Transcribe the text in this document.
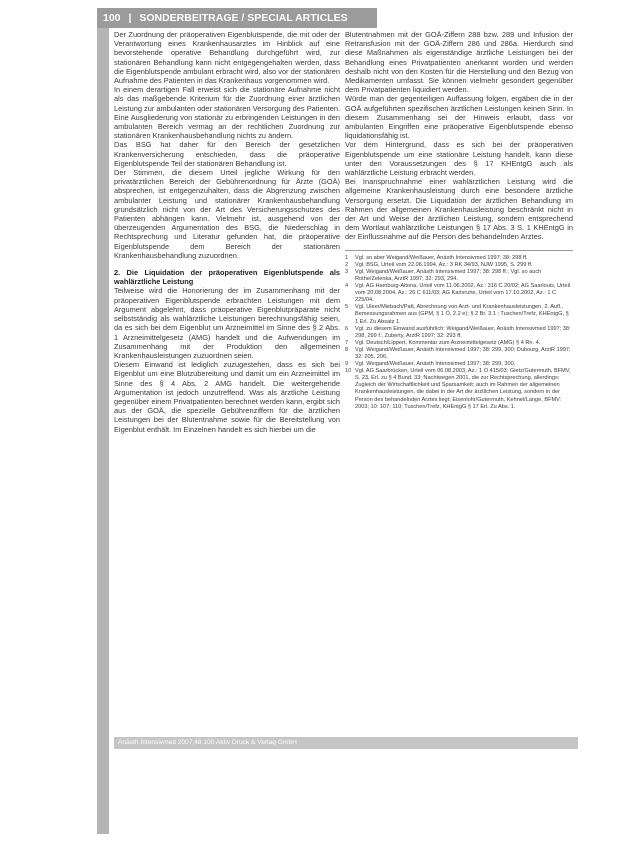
100 | SONDERBEITRAGE / SPECIAL ARTICLES

Der Zuordnung der präoperativen Eigenblutspende, die mit oder der Verantwortung eines Krankenhausarztes im Hinblick auf eine bevorstehende operative Behandlung durchgeführt wird, zur stationären Behandlung kann nicht entgegengehalten werden, dass die Eigenblutspende ambulant erbracht wird, also vor der stationären Aufnahme des Patienten in das Krankenhaus vorgenommen wird.

In einem derartigen Fall erweist sich die stationäre Aufnahme nicht als das maßgebende Kriterium für die Zuordnung einer ärztlichen Leistung zur ambulanten oder stationären Versorgung des Patienten. Eine Ausgliederung von stationär zu erbringenden Leistungen in den ambulanten Bereich vermag an der rechtlichen Zuordnung zur stationären Krankenhausbehandlung nichts zu ändern.

Das BSG hat daher für den Bereich der gesetzlichen Krankenversicherung entschieden, dass die präoperative Eigenblutspende Teil der stationären Behandlung ist.

Der Stimmen, die diesem Urteil jegliche Wirkung für den privatärztlichen Bereich der Gebührenordnung für Ärzte (GOÄ) absprechen, ist entgegenzuhalten, dass die Abgrenzung zwischen ambulanter Leistung und stationärer Krankenhausbehandlung grundsätzlich nicht von der Art des Versicherungsschutzes des Patienten abhängen kann. Vielmehr ist, ausgehend von der überzeugenden Argumentation des BSG, die Niederschlag in Rechtsprechung und Literatur gefunden hat, die präoperative Eigenblutspende dem Bereich der stationären Krankenhausbehandlung zuzuordnen.

2. Die Liquidation der präoperativen Eigenblutspende als wahlärztliche Leistung

Teilweise wird die Honorierung der im Zusammenhang mit der präoperativen Eigenblutspende erbrachten Leistungen mit dem Argument abgelehnt, dass präoperative Eigenblutpräparate nicht selbstständig als wahlärztliche Leistungen berechnungsfähig seien, da es sich bei dem Eigenblut um Arzneimittel im Sinne des § 2 Abs. 1 Arzneimittelgesetz (AMG) handelt und die Aufwendungen im Zusammenhang mit der Produktion den allgemeinen Krankenhausleistungen zuzuordnen seien.

Diesem Einwand ist lediglich zuzugestehen, dass es sich bei Eigenblut um eine Blutzubereitung und damit um ein Arzneimittel im Sinne des § 4 Abs. 2 AMG handelt. Die weitergehende Argumentation ist jedoch unzutreffend. Was als ärztliche Leistung gegenüber einem Privatpatienten berechnet werden kann, ergibt sich aus der GOÄ, die spezielle Gebührenziffern für die ärztlichen Leistungen bei der Blutentnahme sowie für die Bereitstellung von Eigenblut enthält. Im Einzelnen handelt es sich hierbei um die

Blutentnahmen mit der GOÄ-Ziffern 288 bzw. 289 und Infusion der Retransfusion mit der GOÄ-Ziffern 286 und 286a. Hierdurch sind diese Maßnahmen als eigenständige ärztliche Leistungen bei der Behandlung eines Privatpatienten anerkannt worden und werden deshalb nicht von den Kosten für die Herstellung und den Bezug von Medikamenten umfasst. Sie können vielmehr gesondert gegenüber dem Privatpatienten liquidiert werden.

Würde man der gegenteiligen Auffassung folgen, ergäben die in der GOÄ aufgeführten spezifischen ärztlichen Leistungen keinen Sinn. In diesem Zusammenhang sei der Hinweis erlaubt, dass vor ambulanten Eingriffen eine präoperative Eigenblutspende ebenso liquidationsfähig ist.

Vor dem Hintergrund, dass es sich bei der präoperativen Eigenblutspende um eine stationäre Leistung handelt, kann diese unter den Voraussetzungen des § 17 KHEntgG auch als wahlärztliche Leistung erbracht werden.

Bei Inanspruchnahme einer wahlärztlichen Leistung wird die allgemeine Krankenhausleistung durch eine besondere ärztliche Versorgung ersetzt. Die Liquidation der ärztlichen Behandlung im Rahmen der allgemeinen Krankenhausleistung beschränkt nicht in der Art und Weise der ärztlichen Leistung, sondern entsprechend dem Wortlaut wahlärztliche Leistungen § 17 Abs. 3 S. 1 KHEntgG in der Einflussnahme auf die Person des behandelnden Arztes.

1	Vgl. so aber Weigand/Weißauer, Anästh Intensivmed 1997; 38: 298 ff.
2	Vgl. BSG, Urteil vom 22.06.1994, Az.: 3 RK 34/93, NJW 1995, S. 299 ff.
3	Vgl. Weigand/Weißauer, Anästh Intensivmed 1997; 38: 298 ff.; Vgl. so auch Rothe/Zelenka, ArztR 1997; 32: 293, 294.
4	Vgl. AG Hamburg-Altona, Urteil vom 11.06.2002, Az.: 316 C 20/02; AG Saarlouis, Urteil vom 20.08.2004, Az.: 26 C 611/03; AG Karlsruhe, Urteil vom 17.10.2002, Az.: 1 C 225/04.
5	Vgl. Uleer/Miebach/Patt, Abrechnung von Arzt- und Krankenhausleistungen, 2. Aufl., Bemessungsrahmen aus (GPM, § 1 Ö, 2.2 e); § 2 Br. 3.1 ; Tuschen/Trefz, KHEntgG, § 1 Erl. Zu Absatz 1.
6	Vgl. zu diesem Einwand ausführlich: Weigand/Weißauer, Anästh Intensivmed 1997; 38: 298, 299 f.; Zuberty, ArztR 1997; 32: 293 ff.
7	Vgl. Deutsch/Lippert, Kommentar zum Arzneimittelgesetz (AMG) § 4 Rn. 4.
8	Vgl. Weigand/Weißauer, Anästh Intensivmed 1997; 38: 299, 300; Dubourg, ArztR 1997; 32: 205, 206.
9	Vgl. Weigand/Weißauer, Anästh Intensivmed 1997; 38: 299, 300.
10 Vgl. AG Saarbrücken, Urteil vom 06.08.2003, Az.: 1 O 415/03; Gietz/Gutermuth, BFMV, S. 23, Erl. zu § 4 Bund. 33; Nachtwegen 2001, die zur Rechtsprechung, allerdings: Zugleich der Wirtschaftlichkeit und Sparsamkeit; auch im Rahmen der allgemeinen Krankenhausleistungen, die dabei in der Art der ärztlichen Leistung, sondern in der Person des behandelnden Arztes liegt; Eisenlohr/Gutermuth, Kehnel/Lange, BFMV: 2003; 10: 107; 110; Tuschen/Trefz, KHEntgG § 17 Erl. Zu Abs. 1.
Anästh Intensivmed 2007;48:100 Aktiv Druck & Verlag GmbH
